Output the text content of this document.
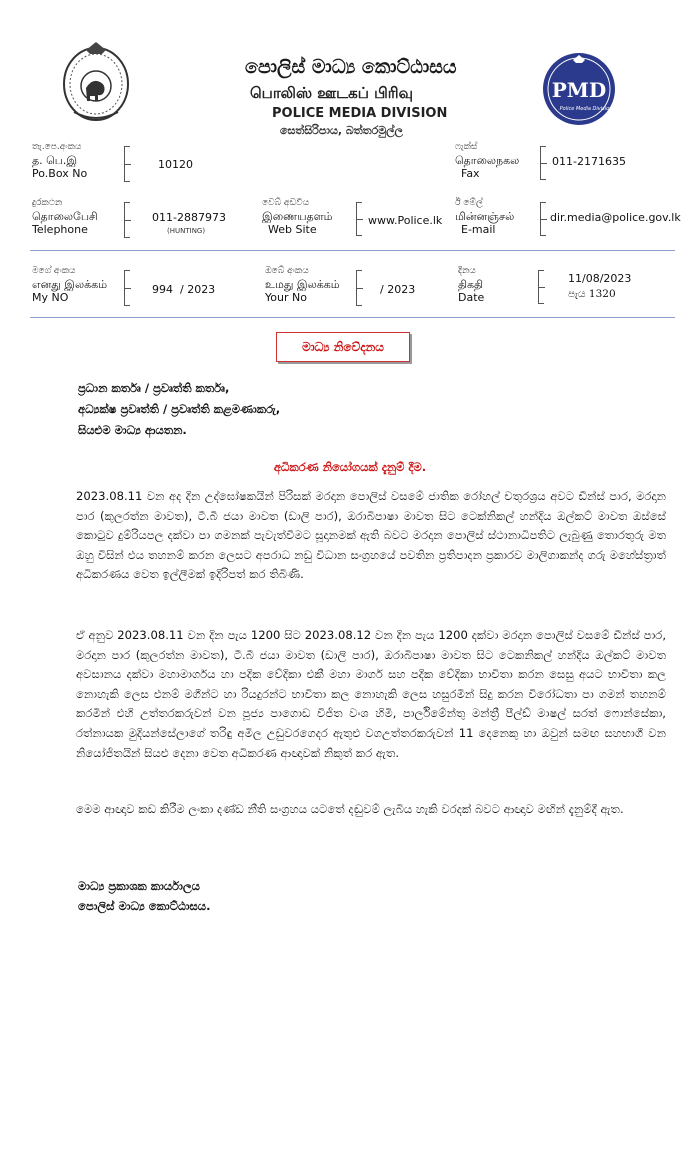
පොලිස් මාධ්‍ය කොට්ඨාසය
பொலிஸ் ஊடகப் பிரிவு
POLICE MEDIA DIVISION
සෙත්සිරිපාය, බත්තරමුල්ල
PMD
Police Media Division
තැ.පෙ.අංකය
த. பெ.இ
Po.Box No
10120
ෆැක්ස්
தொலைநகல
Fax
011-2171635
දුරකථන
தொலைபேசி
Telephone
011-2887973
(HUNTING)
වෙබ් අඩවිය
இணையதளம்
Web Site
www.Police.lk
ඊ මේල්
மின்னஞ்சல்
E-mail
dir.media@police.gov.lk
මගේ අංකය
எனது இலக்கம்
My NO
994  / 2023
ඔබේ අංකය
உமது இலக்கம்
Your No
/ 2023
දිනය
திகதி
Date
11/08/2023
පැය 1320
මාධ්‍ය නිවේදනය
ප්‍රධාන කර්තෘ / ප්‍රවෘත්ති කර්තෘ,
අධ්‍යක්ෂ ප්‍රවෘත්ති / ප්‍රවෘත්ති කළමණාකරු,
සියළුම මාධ්‍ය ආයතන.
අධිකරණ නියෝගයක් දැනුම් දීම.
2023.08.11 වන අද දින උද්ඝෝෂකයින් පිරිසක් මරදාන පොලිස් වසමේ ජාතික රෝහල් චතුරශ්‍රය අවට ඩීන්ස් පාර, මරදාන පාර (කුලරත්න මාවත), ටී.බී ජයා මාවත (ඩාලි පාර), ඔරාබිපාෂා මාවත සිට ටෙක්නිකල් හන්දිය ඔල්කට් මාවත ඔස්සේ කොටුව දුම්රියපල දක්වා පා ගමනක් පැවැත්වීමට සූදානමක් ඇති බවට මරදාන පොලිස් ස්ථානාධිපතිට ලැබුණු තොරතුරු මත ඔහු විසින් එය තහනම් කරන ලෙසට අපරාධ නඩු විධාන සංග්‍රහයේ පවතින ප්‍රතිපාදන ප්‍රකාරව මාලිගාකන්ද ගරු මහේස්ත්‍රාත් අධිකරණය වෙත ඉල්ලීමක් ඉදිරිපත් කර තිබිණි.
ඒ අනුව 2023.08.11 වන දින පැය 1200 සිට 2023.08.12 වන දින පැය 1200 දක්වා මරදාන පොලිස් වසමේ ඩීන්ස් පාර, මරදාන පාර (කුලරත්න මාවත), ටී.බී ජයා මාවත (ඩාලි පාර), ඔරාබිපාෂා මාවත සිට ටෙකනිකල් හන්දිය ඔල්කට් මාවත අවසානය දක්වා මහාමාර්ගය හා පදික වේදිකා එකී මහා මාර්ග සහ පදික වේදිකා භාවිතා කරන සෙසු අයට භාවිතා කල නොහැකි ලෙස එනම් මගීන්ට හා රියදුරන්ට භාවිතා කල නොහැකි ලෙස හසුරමින් සිදු කරන විරෝධතා පා ගමන් තහනම් කරමින් එහි උත්තරකරුවන් වන පූජ්‍ය පාගොඩ විජිත වංශ හිමි, පාර්ලිමේන්තු මන්ත්‍රී පීල්ඩ් මාෂල් සරත් ෆොන්සේකා, රත්නායක මුදියන්සේලාගේ තරිඳු අමිල උඩුවරගෙදර ඇතුළු වගඋත්තරකරුවන් 11 දෙනෙකු හා ඔවුන් සමඟ සහභාගී වන නියෝජිතයින් සියළු දෙනා වෙත අධිකරණ ආඥාවක් නිකුත් කර ඇත.
මෙම ආඥාව කඩ කිරීම ලංකා දණ්ඩ නීති සංග්‍රහය යටතේ දඬුවම් ලැබිය හැකි වරදක් බවට ආඥාව මඟින් දැනුම්දී ඇත.
මාධ්‍ය ප්‍රකාශක කාර්යාලය
පොලිස් මාධ්‍ය කොට්ඨාසය.
